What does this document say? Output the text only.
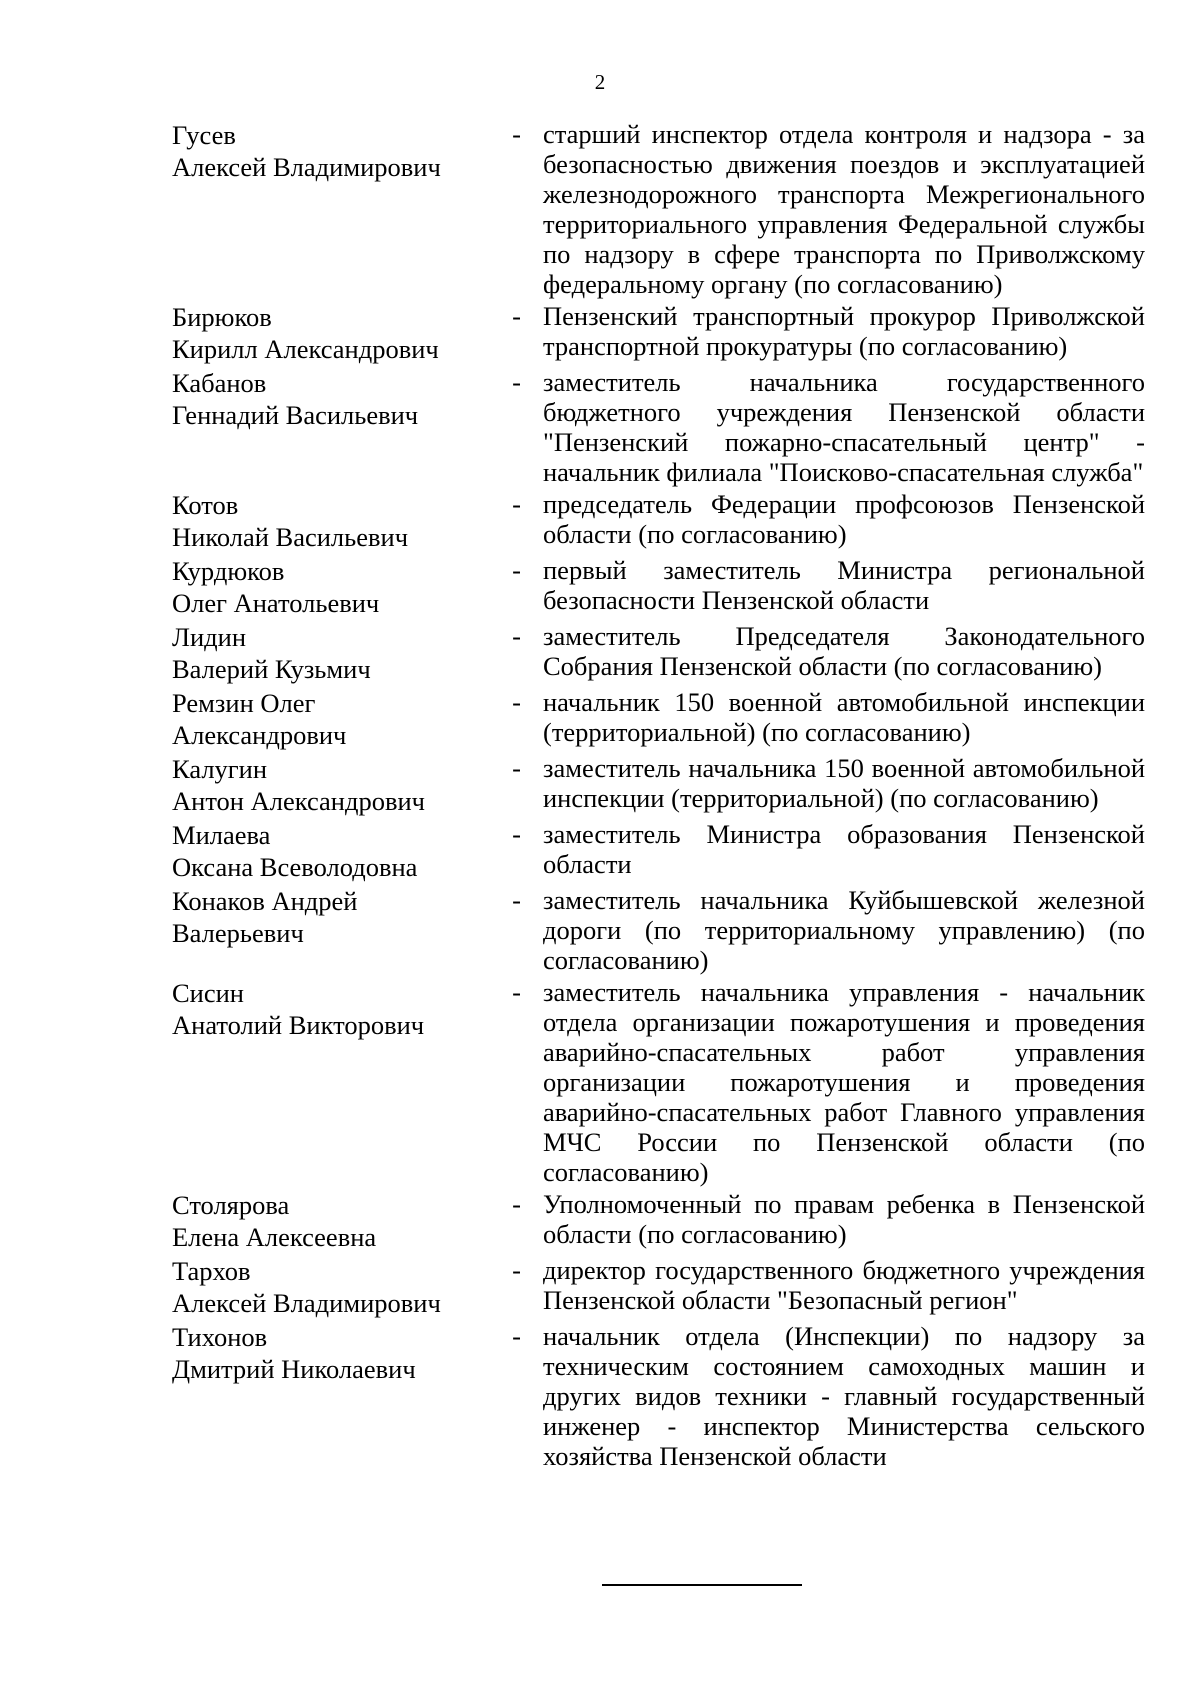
2
Гусев
Алексей Владимирович
- старший инспектор отдела контроля и надзора - за безопасностью движения поездов и эксплуатацией железнодорожного транспорта Межрегионального территориального управления Федеральной службы по надзору в сфере транспорта по Приволжскому федеральному органу (по согласованию)

Бирюков
Кирилл Александрович
- Пензенский транспортный прокурор Приволжской транспортной прокуратуры (по согласованию)

Кабанов
Геннадий Васильевич
- заместитель начальника государственного бюджетного учреждения Пензенской области "Пензенский пожарно-спасательный центр" - начальник филиала "Поисково-спасательная служба"

Котов
Николай Васильевич
- председатель Федерации профсоюзов Пензенской области (по согласованию)

Курдюков
Олег Анатольевич
- первый заместитель Министра региональной безопасности Пензенской области

Лидин
Валерий Кузьмич
- заместитель Председателя Законодательного Собрания Пензенской области (по согласованию)

Ремзин Олег
Александрович
- начальник 150 военной автомобильной инспекции (территориальной) (по согласованию)

Калугин
Антон Александрович
- заместитель начальника 150 военной автомобильной инспекции (территориальной) (по согласованию)

Милаева
Оксана Всеволодовна
- заместитель Министра образования Пензенской области

Конаков Андрей
Валерьевич
- заместитель начальника Куйбышевской железной дороги (по территориальному управлению) (по согласованию)

Сисин
Анатолий Викторович
- заместитель начальника управления - начальник отдела организации пожаротушения и проведения аварийно-спасательных работ управления организации пожаротушения и проведения аварийно-спасательных работ Главного управления МЧС России по Пензенской области (по согласованию)

Столярова
Елена Алексеевна
- Уполномоченный по правам ребенка в Пензенской области (по согласованию)

Тархов
Алексей Владимирович
- директор государственного бюджетного учреждения Пензенской области "Безопасный регион"

Тихонов
Дмитрий Николаевич
- начальник отдела (Инспекции) по надзору за техническим состоянием самоходных машин и других видов техники - главный государственный инженер - инспектор Министерства сельского хозяйства Пензенской области
